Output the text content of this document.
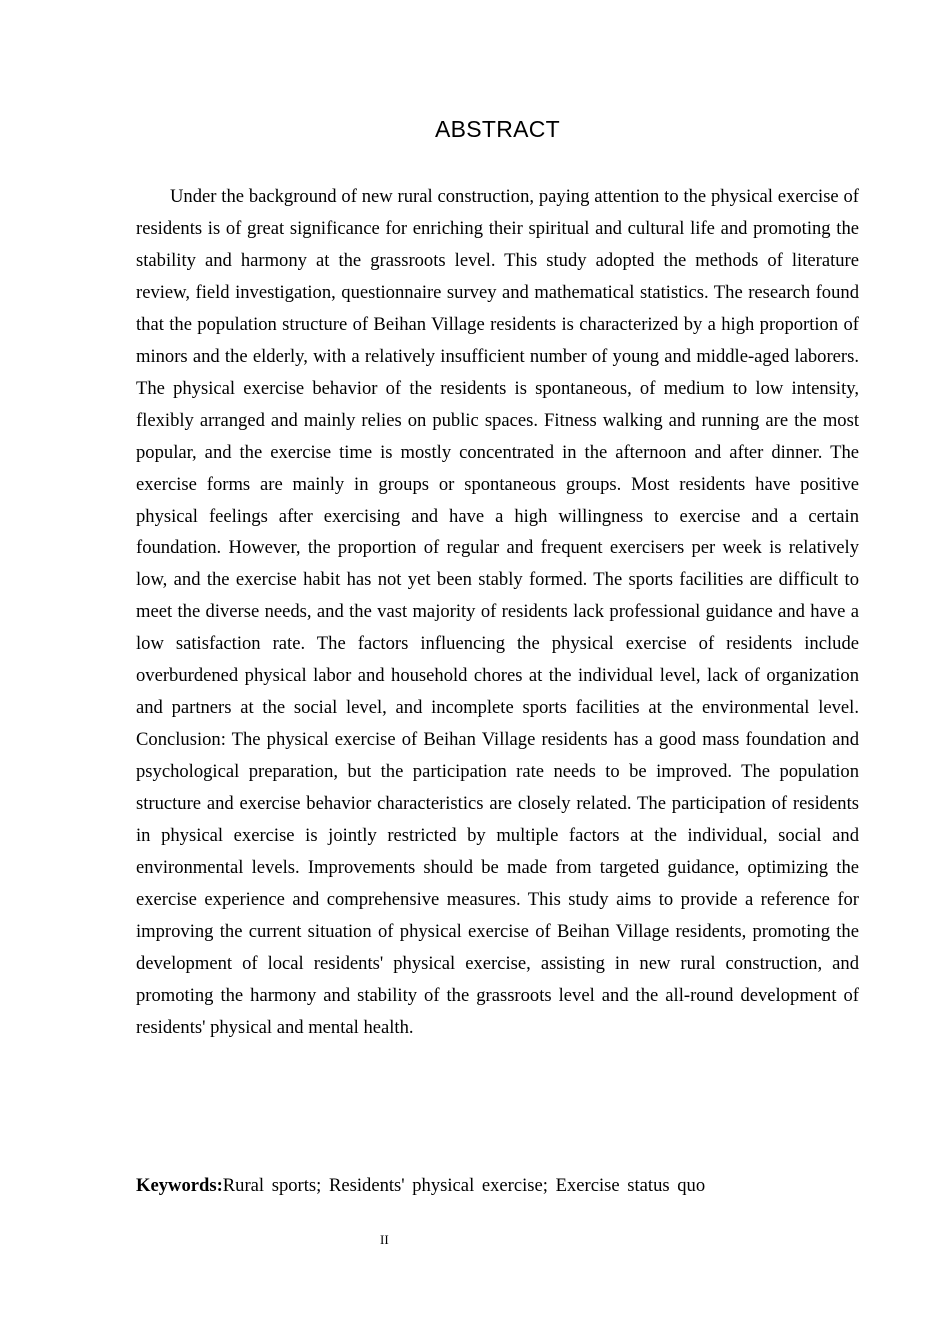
ABSTRACT

Under the background of new rural construction, paying attention to the physical exercise of residents is of great significance for enriching their spiritual and cultural life and promoting the stability and harmony at the grassroots level. This study adopted the methods of literature review, field investigation, questionnaire survey and mathematical statistics. The research found that the population structure of Beihan Village residents is characterized by a high proportion of minors and the elderly, with a relatively insufficient number of young and middle-aged laborers. The physical exercise behavior of the residents is spontaneous, of medium to low intensity, flexibly arranged and mainly relies on public spaces. Fitness walking and running are the most popular, and the exercise time is mostly concentrated in the afternoon and after dinner. The exercise forms are mainly in groups or spontaneous groups. Most residents have positive physical feelings after exercising and have a high willingness to exercise and a certain foundation. However, the proportion of regular and frequent exercisers per week is relatively low, and the exercise habit has not yet been stably formed. The sports facilities are difficult to meet the diverse needs, and the vast majority of residents lack professional guidance and have a low satisfaction rate. The factors influencing the physical exercise of residents include overburdened physical labor and household chores at the individual level, lack of organization and partners at the social level, and incomplete sports facilities at the environmental level. Conclusion: The physical exercise of Beihan Village residents has a good mass foundation and psychological preparation, but the participation rate needs to be improved. The population structure and exercise behavior characteristics are closely related. The participation of residents in physical exercise is jointly restricted by multiple factors at the individual, social and environmental levels. Improvements should be made from targeted guidance, optimizing the exercise experience and comprehensive measures. This study aims to provide a reference for improving the current situation of physical exercise of Beihan Village residents, promoting the development of local residents' physical exercise, assisting in new rural construction, and promoting the harmony and stability of the grassroots level and the all-round development of residents' physical and mental health.

Keywords:Rural sports; Residents' physical exercise; Exercise status quo

II
